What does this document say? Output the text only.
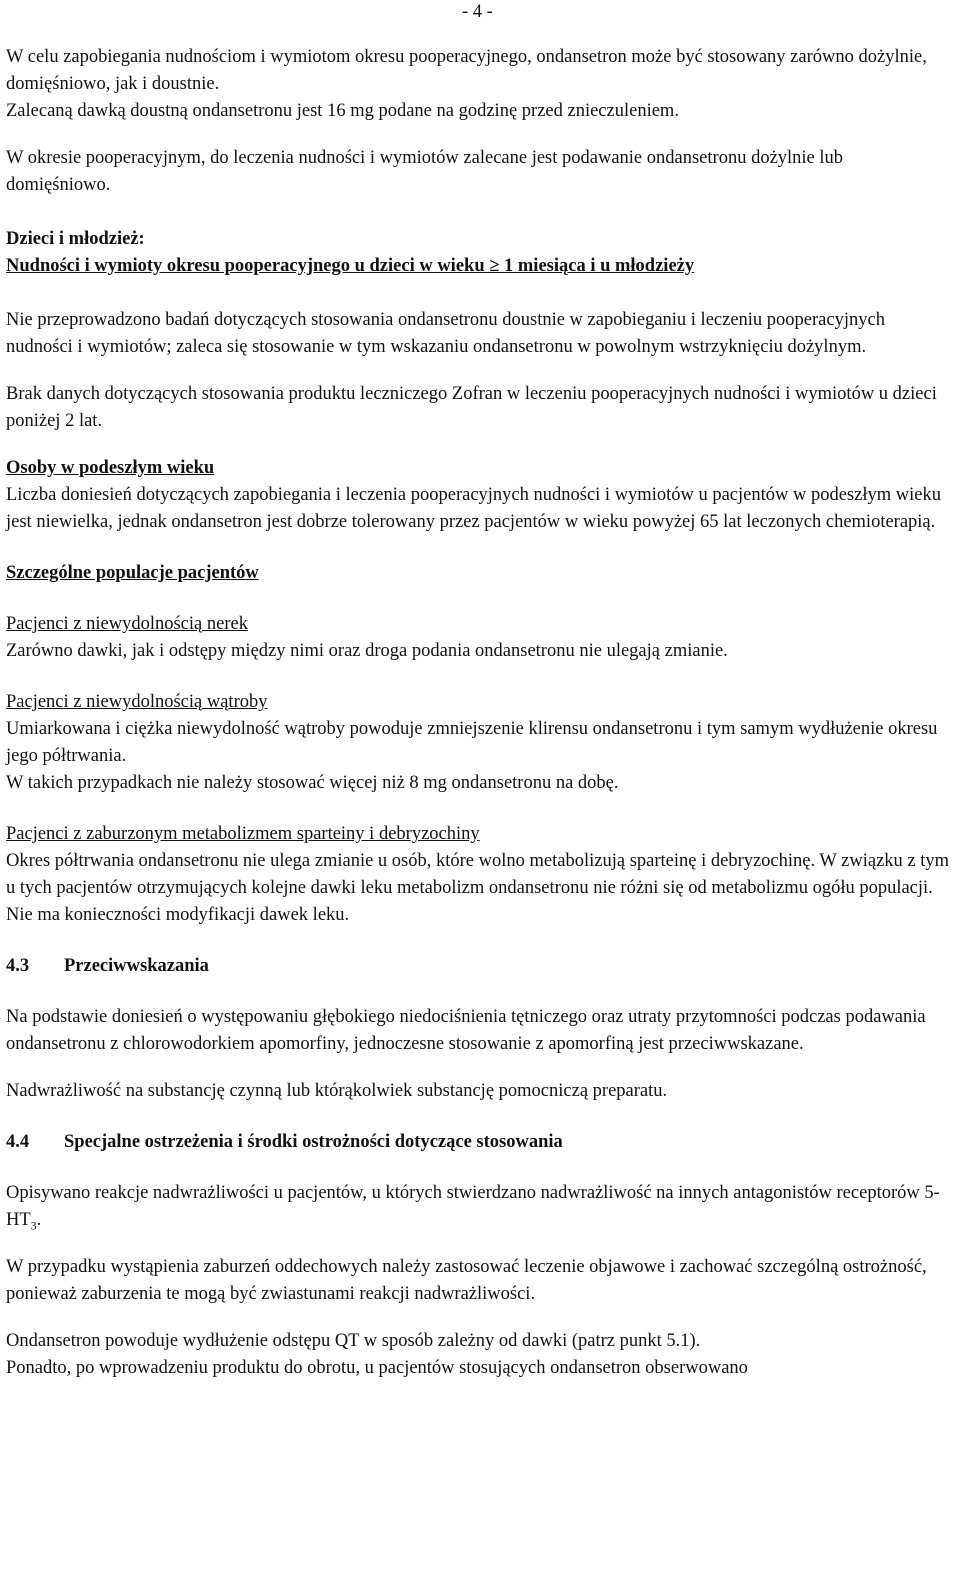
- 4 -

W celu zapobiegania nudnościom i wymiotom okresu pooperacyjnego, ondansetron może być stosowany zarówno dożylnie, domięśniowo, jak i doustnie.

Zalecaną dawką doustną ondansetronu jest 16 mg podane na godzinę przed znieczuleniem.

W okresie pooperacyjnym, do leczenia nudności i wymiotów zalecane jest podawanie ondansetronu dożylnie lub domięśniowo.

Dzieci i młodzież:

Nudności i wymioty okresu pooperacyjnego u dzieci w wieku ≥ 1 miesiąca i u młodzieży

Nie przeprowadzono badań dotyczących stosowania ondansetronu doustnie w zapobieganiu i leczeniu pooperacyjnych nudności i wymiotów; zaleca się stosowanie w tym wskazaniu ondansetronu w powolnym wstrzyknięciu dożylnym.

Brak danych dotyczących stosowania produktu leczniczego Zofran w leczeniu pooperacyjnych nudności i wymiotów u dzieci poniżej 2 lat.

Osoby w podeszłym wieku

Liczba doniesień dotyczących zapobiegania i leczenia pooperacyjnych nudności i wymiotów u pacjentów w podeszłym wieku jest niewielka, jednak ondansetron jest dobrze tolerowany przez pacjentów w wieku powyżej 65 lat leczonych chemioterapią.

Szczególne populacje pacjentów

Pacjenci z niewydolnością nerek

Zarówno dawki, jak i odstępy między nimi oraz droga podania ondansetronu nie ulegają zmianie.

Pacjenci z niewydolnością wątroby

Umiarkowana i ciężka niewydolność wątroby powoduje zmniejszenie klirensu ondansetronu i tym samym wydłużenie okresu jego półtrwania.

W takich przypadkach nie należy stosować więcej niż 8 mg ondansetronu na dobę.

Pacjenci z zaburzonym metabolizmem sparteiny i debryzochiny

Okres półtrwania ondansetronu nie ulega zmianie u osób, które wolno metabolizują sparteinę i debryzochinę. W związku z tym u tych pacjentów otrzymujących kolejne dawki leku metabolizm ondansetronu nie różni się od metabolizmu ogółu populacji. Nie ma konieczności modyfikacji dawek leku.

4.3 Przeciwwskazania

Na podstawie doniesień o występowaniu głębokiego niedociśnienia tętniczego oraz utraty przytomności podczas podawania ondansetronu z chlorowodorkiem apomorfiny, jednoczesne stosowanie z apomorfiną jest przeciwwskazane.

Nadwrażliwość na substancję czynną lub którąkolwiek substancję pomocniczą preparatu.

4.4 Specjalne ostrzeżenia i środki ostrożności dotyczące stosowania

Opisywano reakcje nadwrażliwości u pacjentów, u których stwierdzano nadwrażliwość na innych antagonistów receptorów $5-HT_3$.

W przypadku wystąpienia zaburzeń oddechowych należy zastosować leczenie objawowe i zachować szczególną ostrożność, ponieważ zaburzenia te mogą być zwiastunami reakcji nadwrażliwości.

Ondansetron powoduje wydłużenie odstępu QT w sposób zależny od dawki (patrz punkt 5.1).

Ponadto, po wprowadzeniu produktu do obrotu, u pacjentów stosujących ondansetron obserwowano
